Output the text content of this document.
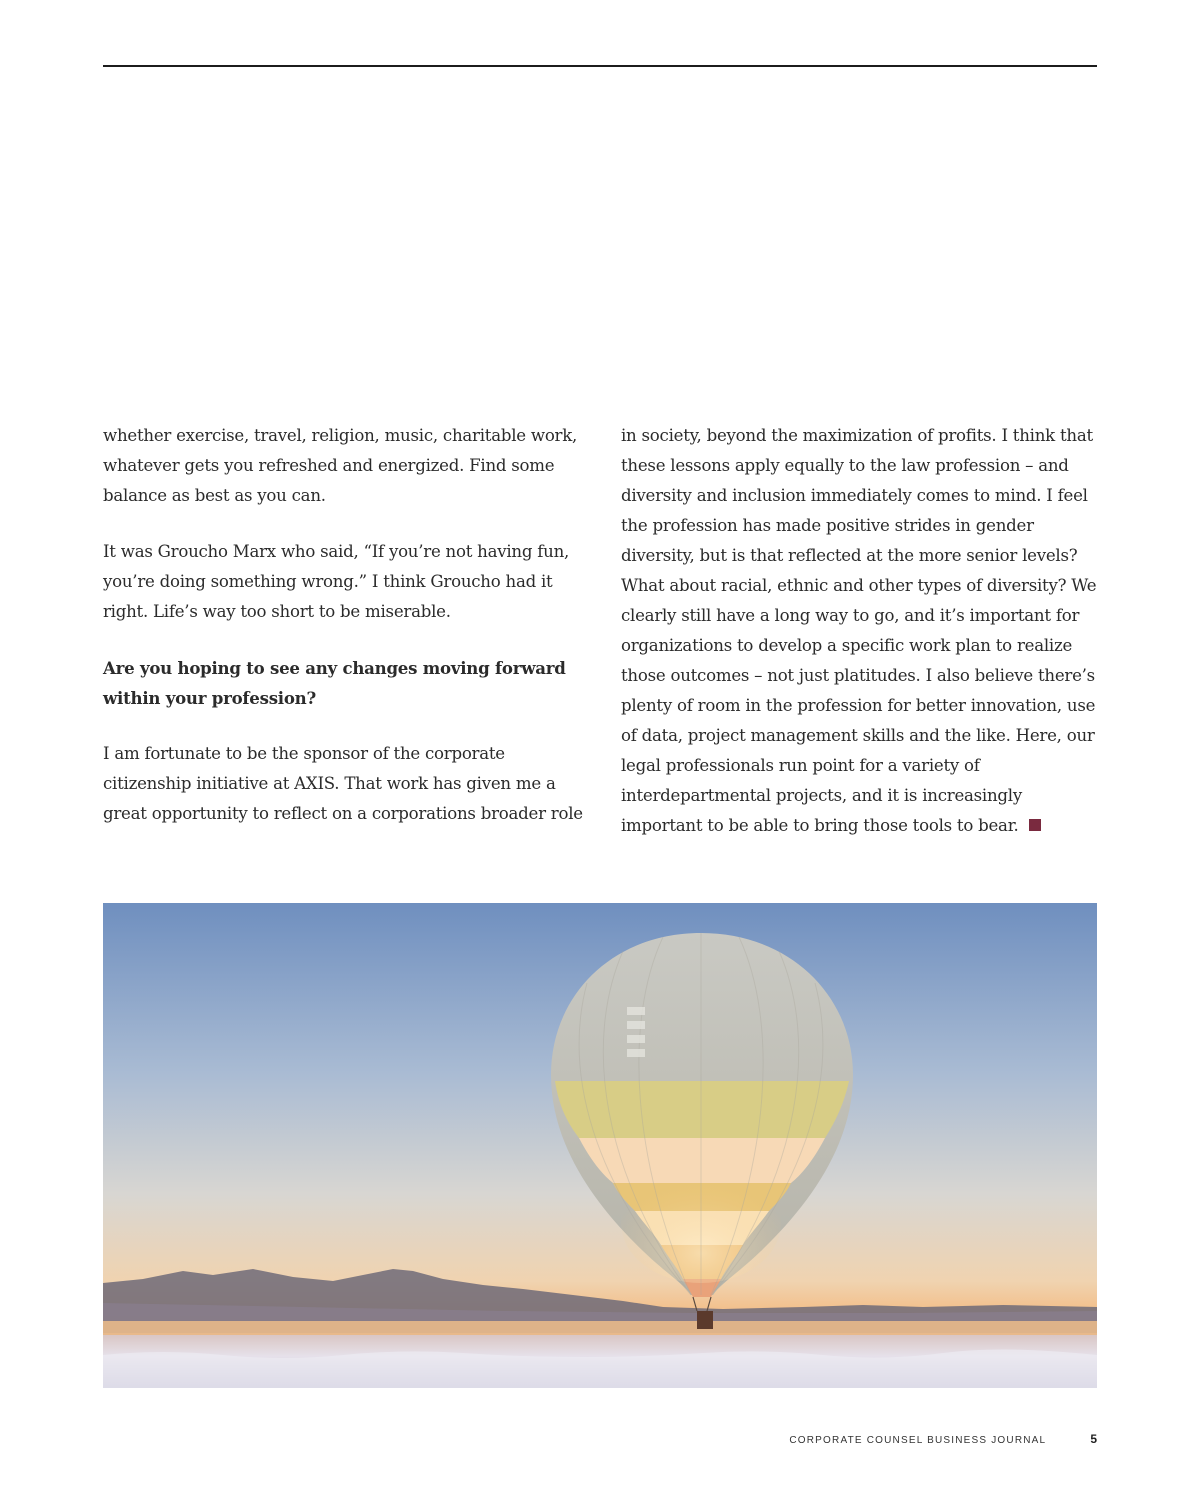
whether exercise, travel, religion, music, charitable work, whatever gets you refreshed and energized. Find some balance as best as you can.

It was Groucho Marx who said, “If you’re not having fun, you’re doing something wrong.” I think Groucho had it right. Life’s way too short to be miserable.

Are you hoping to see any changes moving forward within your profession?

I am fortunate to be the sponsor of the corporate citizenship initiative at AXIS. That work has given me a great opportunity to reflect on a corporations broader role

in society, beyond the maximization of profits. I think that these lessons apply equally to the law profession – and diversity and inclusion immediately comes to mind. I feel the profession has made positive strides in gender diversity, but is that reflected at the more senior levels? What about racial, ethnic and other types of diversity? We clearly still have a long way to go, and it’s important for organizations to develop a specific work plan to realize those outcomes – not just platitudes. I also believe there’s plenty of room in the profession for better innovation, use of data, project management skills and the like. Here, our legal professionals run point for a variety of interdepartmental projects, and it is increasingly important to be able to bring those tools to bear.

CORPORATE COUNSEL BUSINESS JOURNAL	5
